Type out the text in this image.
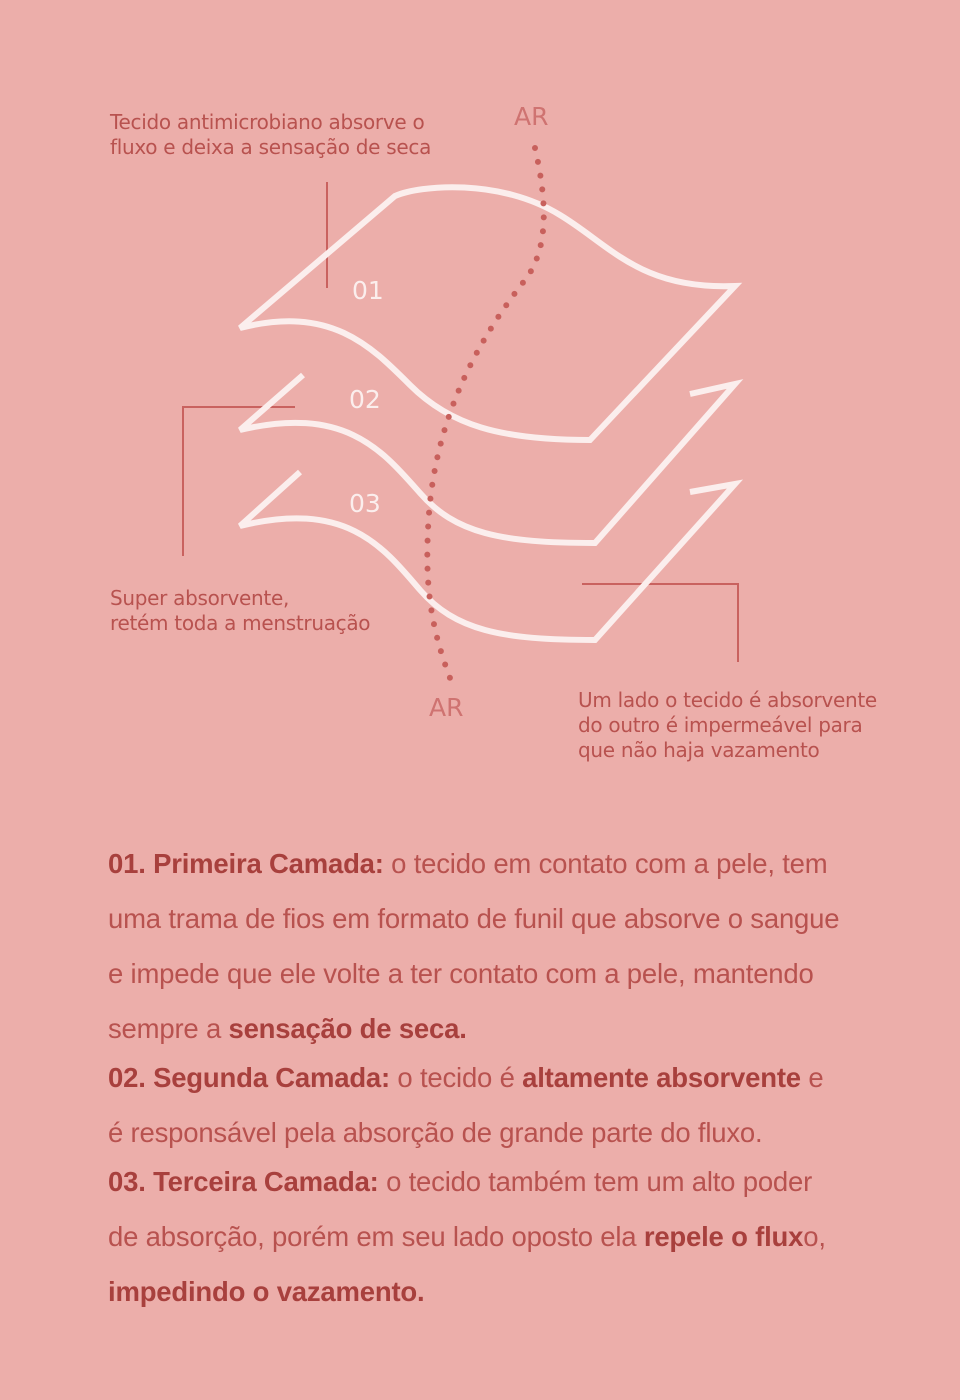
01
02
03
AR
AR
Tecido antimicrobiano absorve o
fluxo e deixa a sensação de seca
Super absorvente,
retém toda a menstruação
Um lado o tecido é absorvente
do outro é impermeável para
que não haja vazamento

01. Primeira Camada: o tecido em contato com a pele, tem
uma trama de fios em formato de funil que absorve o sangue
e impede que ele volte a ter contato com a pele, mantendo
sempre a sensação de seca.

02. Segunda Camada: o tecido é altamente absorvente e
é responsável pela absorção de grande parte do fluxo.

03. Terceira Camada: o tecido também tem um alto poder
de absorção, porém em seu lado oposto ela repele o fluxo,
impedindo o vazamento.
